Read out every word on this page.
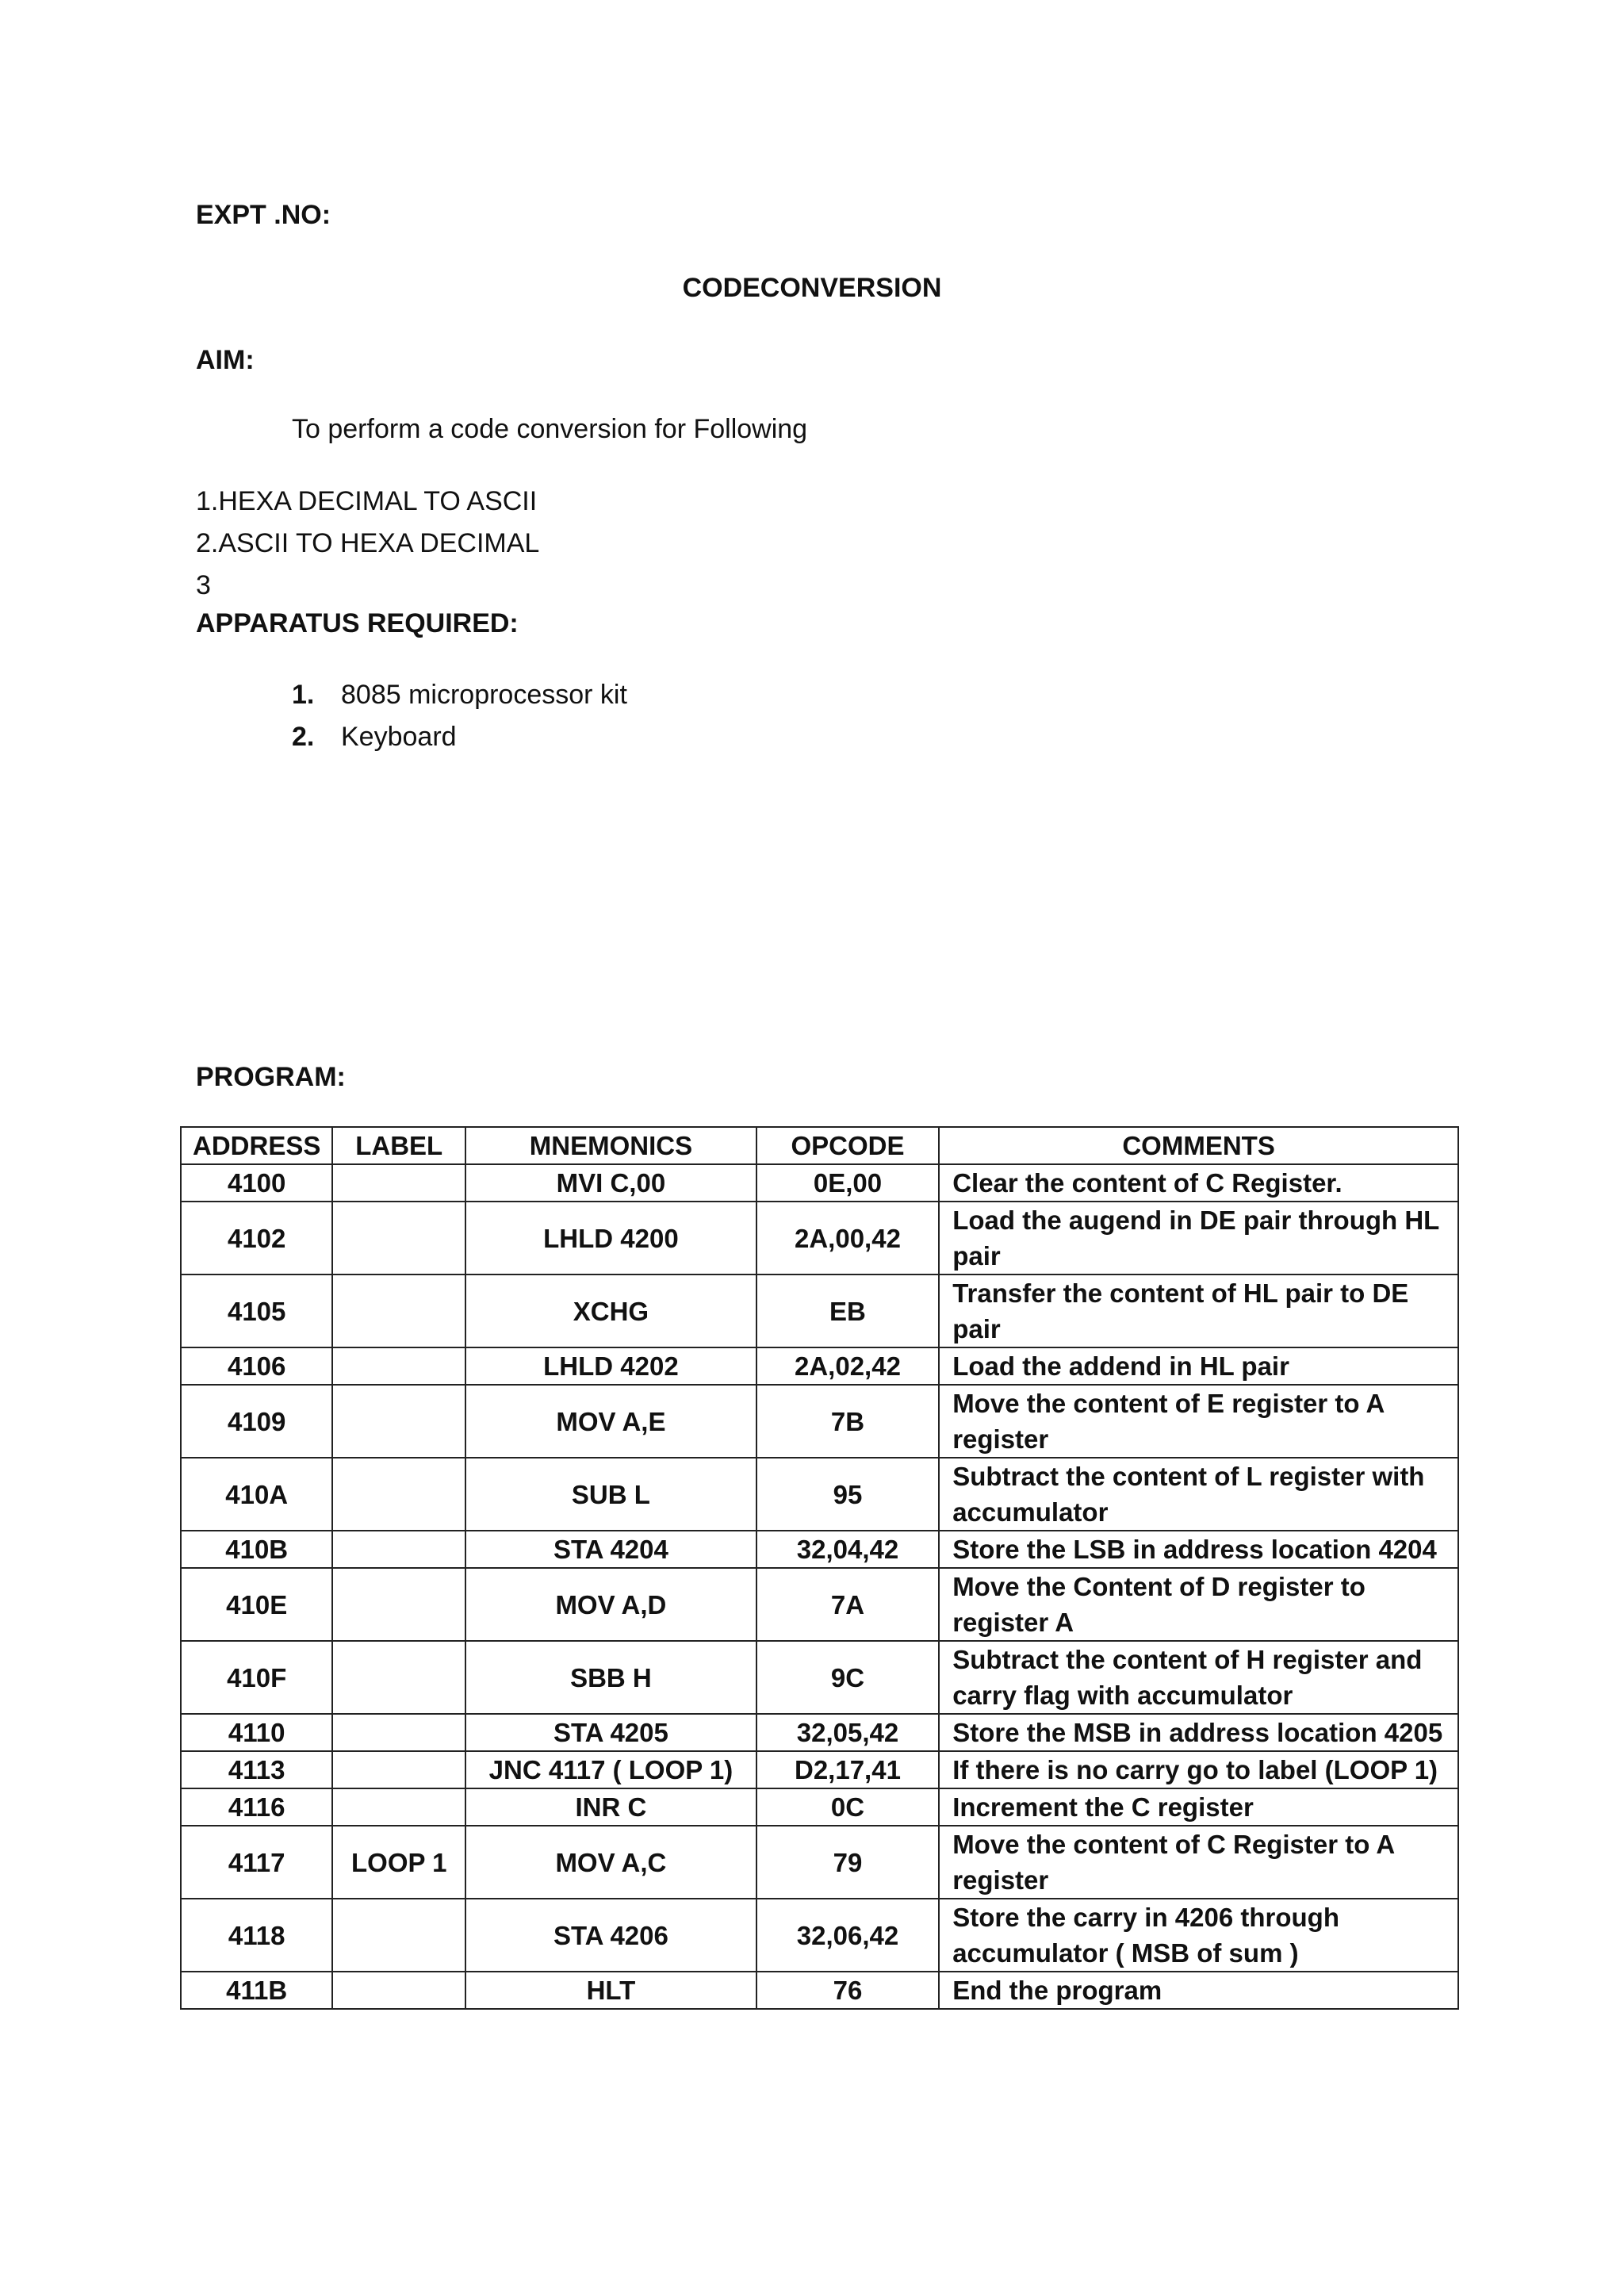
EXPT .NO:
CODECONVERSION
AIM:
To perform a code conversion for Following
1.HEXA DECIMAL TO ASCII
2.ASCII TO HEXA DECIMAL
3
APPARATUS REQUIRED:
1. 8085 microprocessor kit
2. Keyboard
PROGRAM:
ADDRESS	LABEL	MNEMONICS	OPCODE	COMMENTS
4100		MVI C,00	0E,00	Clear the content of C Register.
4102		LHLD 4200	2A,00,42	Load the augend in DE pair through HL pair
4105		XCHG	EB	Transfer the content of HL pair to DE pair
4106		LHLD 4202	2A,02,42	Load the addend in HL pair
4109		MOV A,E	7B	Move the content of E register to A register
410A		SUB L	95	Subtract the content of L register with accumulator
410B		STA 4204	32,04,42	Store the LSB in address location 4204
410E		MOV A,D	7A	Move the Content of D register to register A
410F		SBB H	9C	Subtract the content of H register and carry flag with accumulator
4110		STA 4205	32,05,42	Store the MSB in address location 4205
4113		JNC 4117 ( LOOP 1)	D2,17,41	If there is no carry go to label (LOOP 1)
4116		INR C	0C	Increment the C register
4117	LOOP 1	MOV A,C	79	Move the content of C Register to A register
4118		STA 4206	32,06,42	Store the carry in 4206 through accumulator ( MSB of sum )
411B		HLT	76	End the program
